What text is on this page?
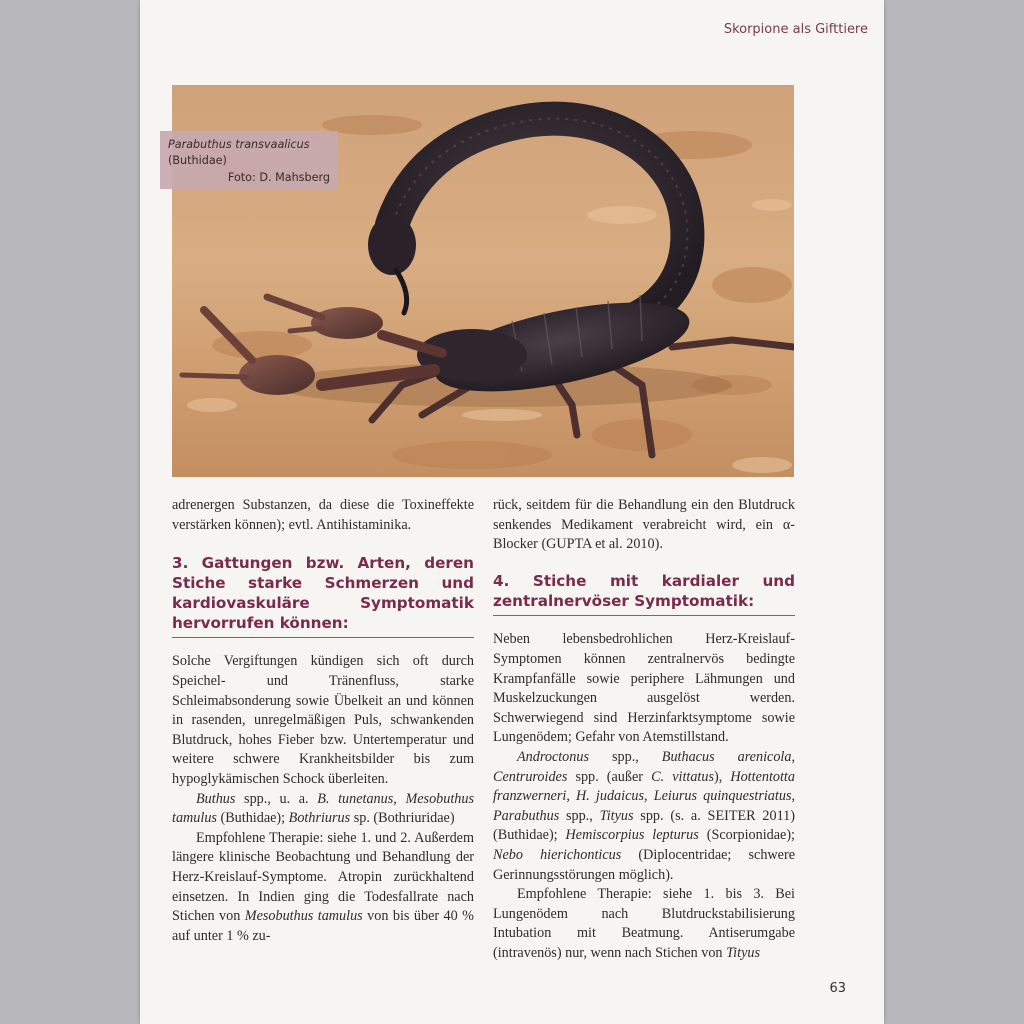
Skorpione als Gifttiere
Parabuthus transvaalicus
(Buthidae)
Foto: D. Mahsberg

adrenergen Substanzen, da diese die Toxineffekte verstärken können); evtl. Antihistaminika.

3. Gattungen bzw. Arten, deren Stiche starke Schmerzen und kardiovaskuläre Symptomatik hervorrufen können:

Solche Vergiftungen kündigen sich oft durch Speichel- und Tränenfluss, starke Schleimabsonderung sowie Übelkeit an und können in rasenden, unregelmäßigen Puls, schwankenden Blutdruck, hohes Fieber bzw. Untertemperatur und weitere schwere Krankheitsbilder bis zum hypoglykämischen Schock überleiten.

Buthus spp., u. a. B. tunetanus, Mesobuthus tamulus (Buthidae); Bothriurus sp. (Bothriuridae)

Empfohlene Therapie: siehe 1. und 2. Außerdem längere klinische Beobachtung und Behandlung der Herz-Kreislauf-Symptome. Atropin zurückhaltend einsetzen. In Indien ging die Todesfallrate nach Stichen von Mesobuthus tamulus von bis über 40 % auf unter 1 % zu-

rück, seitdem für die Behandlung ein den Blutdruck senkendes Medikament verabreicht wird, ein α-Blocker (GUPTA et al. 2010).

4. Stiche mit kardialer und zentralnervöser Symptomatik:

Neben lebensbedrohlichen Herz-Kreislauf-Symptomen können zentralnervös bedingte Krampfanfälle sowie periphere Lähmungen und Muskelzuckungen ausgelöst werden. Schwerwiegend sind Herzinfarktsymptome sowie Lungenödem; Gefahr von Atemstillstand.

Androctonus spp., Buthacus arenicola, Centruroides spp. (außer C. vittatus), Hottentotta franzwerneri, H. judaicus, Leiurus quinquestriatus, Parabuthus spp., Tityus spp. (s. a. SEITER 2011) (Buthidae); Hemiscorpius lepturus (Scorpionidae); Nebo hierichonticus (Diplocentridae; schwere Gerinnungsstörungen möglich).

Empfohlene Therapie: siehe 1. bis 3. Bei Lungenödem nach Blutdruckstabilisierung Intubation mit Beatmung. Antiserumgabe (intravenös) nur, wenn nach Stichen von Tityus

63
